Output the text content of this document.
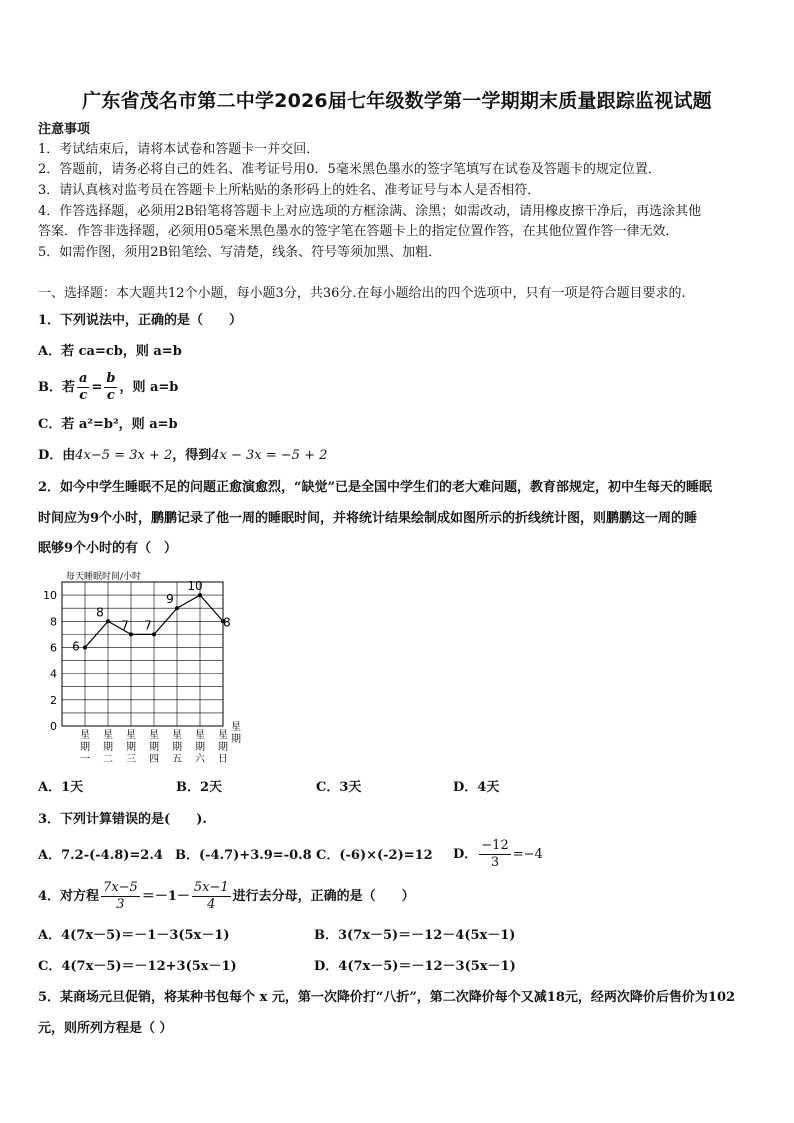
广东省茂名市第二中学2026届七年级数学第一学期期末质量跟踪监视试题
注意事项
1．考试结束后，请将本试卷和答题卡一并交回．
2．答题前，请务必将自己的姓名、准考证号用0．5毫米黑色墨水的签字笔填写在试卷及答题卡的规定位置．
3．请认真核对监考员在答题卡上所粘贴的条形码上的姓名、准考证号与本人是否相符．
4．作答选择题，必须用2B铅笔将答题卡上对应选项的方框涂满、涂黑；如需改动，请用橡皮擦干净后，再选涂其他
答案．作答非选择题，必须用05毫米黑色墨水的签字笔在答题卡上的指定位置作答，在其他位置作答一律无效．
5．如需作图，须用2B铅笔绘、写清楚，线条、符号等须加黑、加粗．
一、选择题：本大题共12个小题，每小题3分，共36分.在每小题给出的四个选项中，只有一项是符合题目要求的.
1．下列说法中，正确的是（　　）
A．若 ca=cb，则 a=b
B．若 $\frac{a}{c} = \frac{b}{c}$ ，则 a=b
C．若 a²=b²，则 a=b
D．由4x−5 = 3x + 2，得到4x − 3x = −5 + 2
2．如今中学生睡眠不足的问题正愈演愈烈，“缺觉”已是全国中学生们的老大难问题，教育部规定，初中生每天的睡眠
时间应为9个小时，鹏鹏记录了他一周的睡眠时间，并将统计结果绘制成如图所示的折线统计图，则鹏鹏这一周的睡
眠够9个小时的有（　）
0
2
4
6
8
10
每天睡眠时间/小时
6
8
7 7
9
10
8
星
期
一
星
期
二
星
期
三
星
期
四
星
期
五
星
期
六
星
期
日
星
期
A．1天	B．2天	C．3天	D．4天
3．下列计算错误的是(　　).
A．7.2-(-4.8)=2.4 B．(-4.7)+3.9=-0.8 C．(-6)×(-2)=12 D． $\frac{-12}{3} =-4$
4．对方程 $\frac{7x-5}{3} =-1- \frac{5x-1}{4}$ 进行去分母，正确的是（　　）
A．4(7x－5)＝－1－3(5x－1)	B．3(7x－5)＝－12－4(5x－1)
C．4(7x－5)＝－12+3(5x－1)	D．4(7x－5)＝－12－3(5x－1)
5．某商场元旦促销，将某种书包每个 x 元，第一次降价打“八折”，第二次降价每个又减18元，经两次降价后售价为102
元，则所列方程是（ ）
